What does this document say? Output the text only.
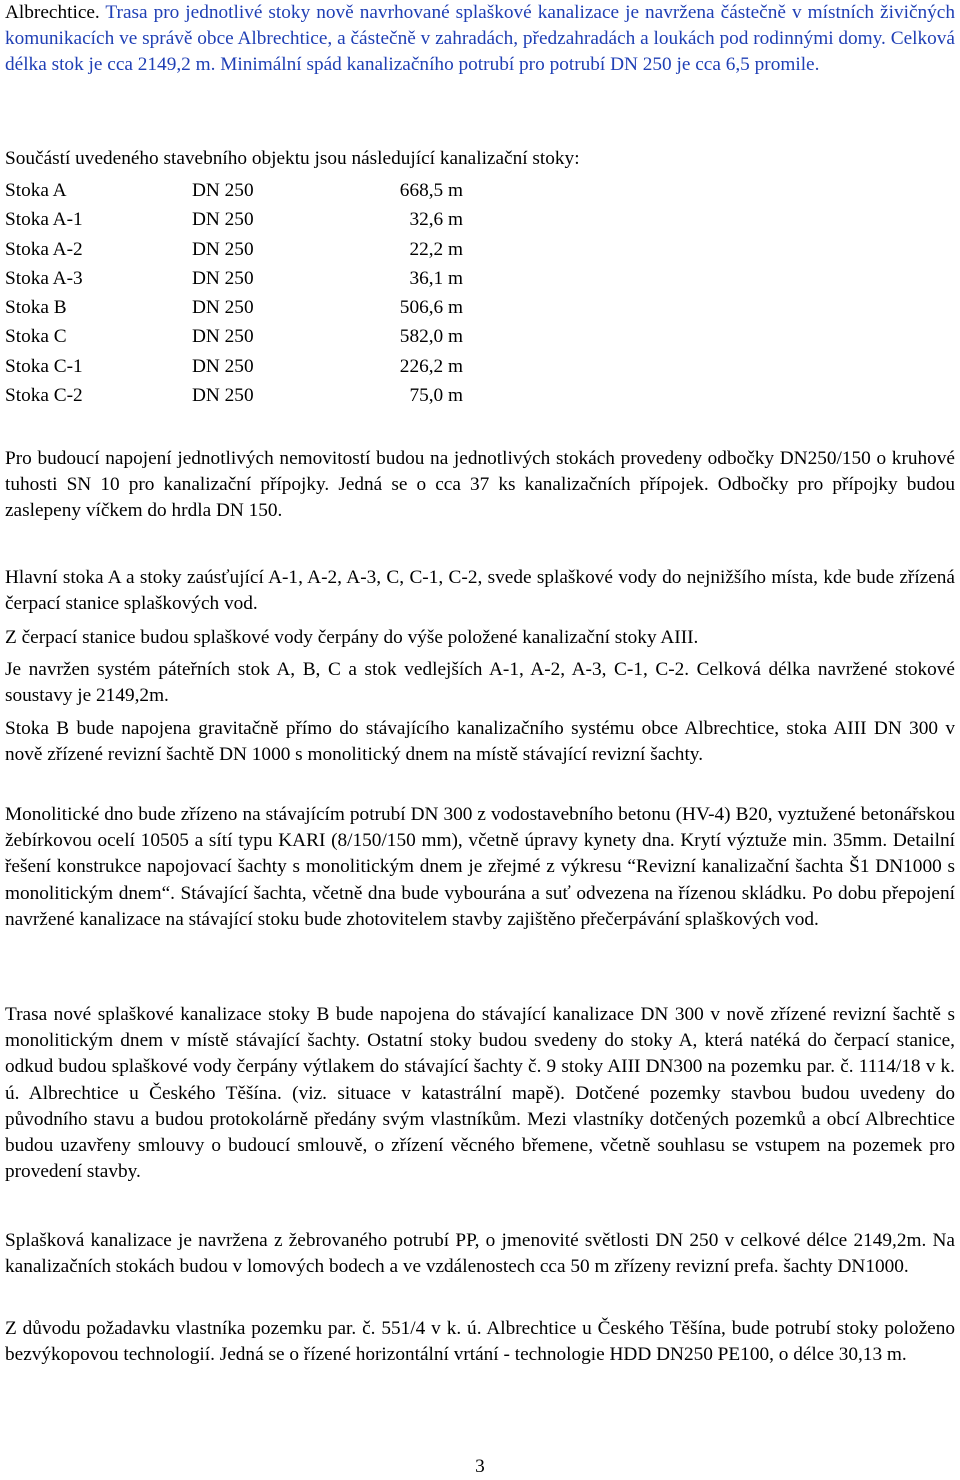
Albrechtice. Trasa pro jednotlivé stoky nově navrhované splaškové kanalizace je navržena částečně v místních živičných komunikacích ve správě obce Albrechtice, a částečně v zahradách, předzahradách a loukách pod rodinnými domy. Celková délka stok je cca 2149,2 m. Minimální spád kanalizačního potrubí pro potrubí DN 250 je cca 6,5 promile.

Součástí uvedeného stavebního objektu jsou následující kanalizační stoky:

Stoka A	DN 250	668,5 m
Stoka A-1	DN 250	32,6 m
Stoka A-2	DN 250	22,2 m
Stoka A-3	DN 250	36,1 m
Stoka B	DN 250	506,6 m
Stoka C	DN 250	582,0 m
Stoka C-1	DN 250	226,2 m
Stoka C-2	DN 250	75,0 m

Pro budoucí napojení jednotlivých nemovitostí budou na jednotlivých stokách provedeny odbočky DN250/150 o kruhové tuhosti SN 10 pro kanalizační přípojky. Jedná se o cca 37 ks kanalizačních přípojek. Odbočky pro přípojky budou zaslepeny víčkem do hrdla DN 150.

Hlavní stoka A a stoky zaúsťující A-1, A-2, A-3, C, C-1, C-2, svede splaškové vody do nejnižšího místa, kde bude zřízená čerpací stanice splaškových vod.

Z čerpací stanice budou splaškové vody čerpány do výše položené kanalizační stoky AIII.

Je navržen systém páteřních stok A, B, C a stok vedlejších A-1, A-2, A-3, C-1, C-2. Celková délka navržené stokové soustavy je 2149,2m.

Stoka B bude napojena gravitačně přímo do stávajícího kanalizačního systému obce Albrechtice, stoka AIII DN 300 v nově zřízené revizní šachtě DN 1000 s monolitický dnem na místě stávající revizní šachty.

Monolitické dno bude zřízeno na stávajícím potrubí DN 300 z vodostavebního betonu (HV-4) B20, vyztužené betonářskou žebírkovou ocelí 10505 a sítí typu KARI (8/150/150 mm), včetně úpravy kynety dna. Krytí výztuže min. 35mm. Detailní řešení konstrukce napojovací šachty s monolitickým dnem je zřejmé z výkresu “Revizní kanalizační šachta Š1 DN1000 s monolitickým dnem“. Stávající šachta, včetně dna bude vybourána a suť odvezena na řízenou skládku. Po dobu přepojení navržené kanalizace na stávající stoku bude zhotovitelem stavby zajištěno přečerpávání splaškových vod.

Trasa nové splaškové kanalizace stoky B bude napojena do stávající kanalizace DN 300 v nově zřízené revizní šachtě s monolitickým dnem v místě stávající šachty. Ostatní stoky budou svedeny do stoky A, která natéká do čerpací stanice, odkud budou splaškové vody čerpány výtlakem do stávající šachty č. 9 stoky AIII DN300 na pozemku par. č. 1114/18 v k. ú. Albrechtice u Českého Těšína. (viz. situace v katastrální mapě). Dotčené pozemky stavbou budou uvedeny do původního stavu a budou protokolárně předány svým vlastníkům. Mezi vlastníky dotčených pozemků a obcí Albrechtice budou uzavřeny smlouvy o budoucí smlouvě, o zřízení věcného břemene, včetně souhlasu se vstupem na pozemek pro provedení stavby.

Splašková kanalizace je navržena z žebrovaného potrubí PP, o jmenovité světlosti DN 250 v celkové délce 2149,2m. Na kanalizačních stokách budou v lomových bodech a ve vzdálenostech cca 50 m zřízeny revizní prefa. šachty DN1000.

Z důvodu požadavku vlastníka pozemku par. č. 551/4 v k. ú. Albrechtice u Českého Těšína, bude potrubí stoky položeno bezvýkopovou technologií. Jedná se o řízené horizontální vrtání - technologie HDD DN250 PE100, o délce 30,13 m.

3
